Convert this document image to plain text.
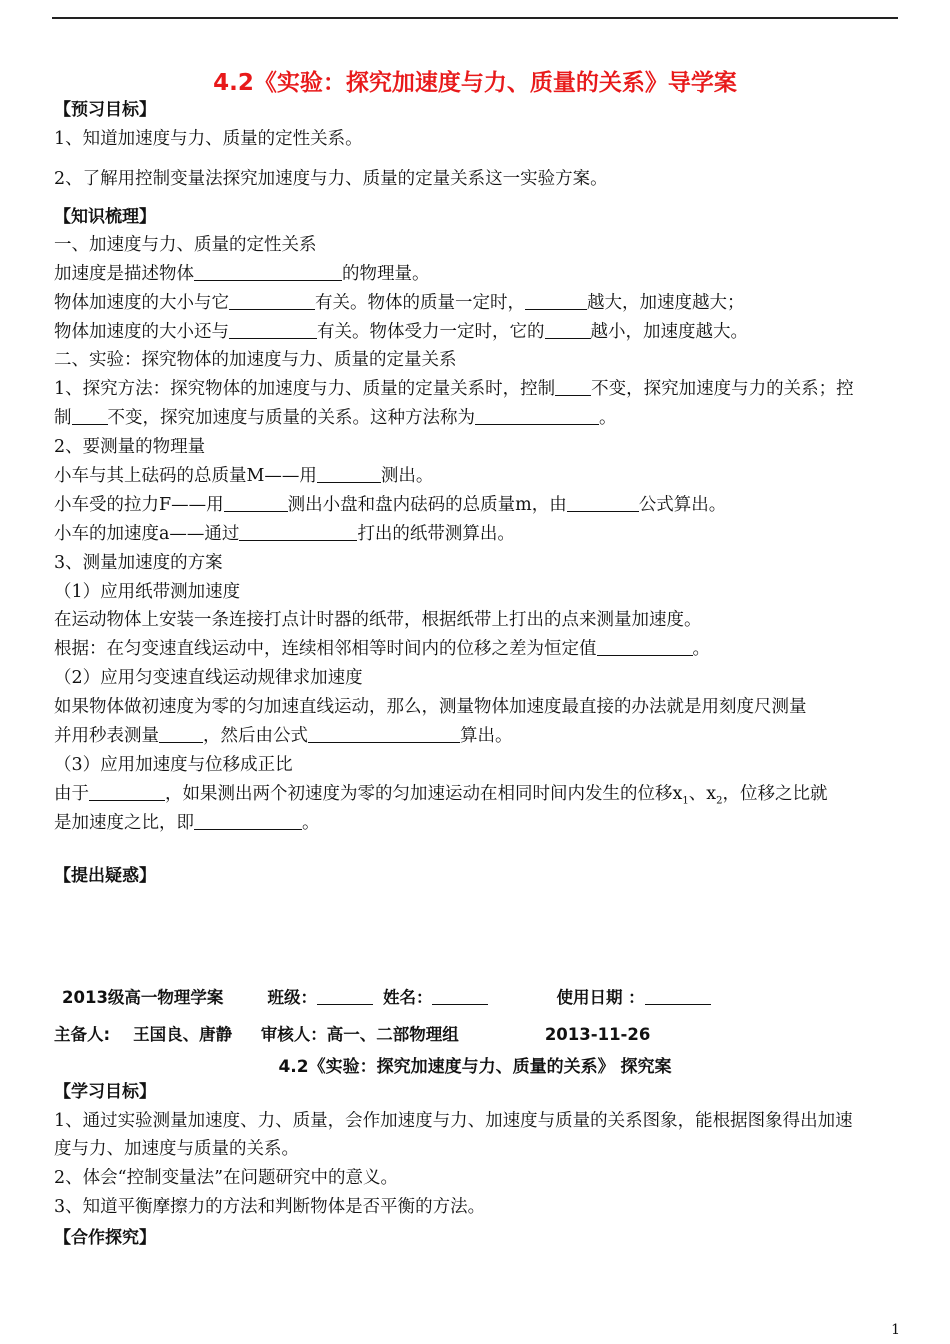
4.2《实验：探究加速度与力、质量的关系》导学案
【预习目标】
1、知道加速度与力、质量的定性关系。
2、了解用控制变量法探究加速度与力、质量的定量关系这一实验方案。
【知识梳理】
一、加速度与力、质量的定性关系
加速度是描述物体	的物理量。
物体加速度的大小与它	有关。物体的质量一定时，	越大，加速度越大；
物体加速度的大小还与	有关。物体受力一定时，它的	越小，加速度越大。
二、实验：探究物体的加速度与力、质量的定量关系
1、探究方法：探究物体的加速度与力、质量的定量关系时，控制 不变，探究加速度与力的关系；控
制 不变，探究加速度与质量的关系。这种方法称为	。
2、要测量的物理量
小车与其上砝码的总质量M——用	测出。
小车受的拉力F——用	测出小盘和盘内砝码的总质量m，由	公式算出。
小车的加速度a——通过	打出的纸带测算出。
3、测量加速度的方案
（1）应用纸带测加速度
在运动物体上安装一条连接打点计时器的纸带，根据纸带上打出的点来测量加速度。
根据：在匀变速直线运动中，连续相邻相等时间内的位移之差为恒定值	。
（2）应用匀变速直线运动规律求加速度
如果物体做初速度为零的匀加速直线运动，那么，测量物体加速度最直接的办法就是用刻度尺测量
并用秒表测量	，然后由公式	算出。
（3）应用加速度与位移成正比
由于	，如果测出两个初速度为零的匀加速运动在相同时间内发生的位移$x_1$、$x_2$，位移之比就
是加速度之比，即	。
【提出疑惑】
2013级高一物理学案	班级：	姓名：	使用日期 ：
主备人:    王国良、唐静     审核人：高一、二部物理组	2013-11-26
4.2《实验：探究加速度与力、质量的关系》 探究案
【学习目标】
1、通过实验测量加速度、力、质量，会作加速度与力、加速度与质量的关系图象，能根据图象得出加速
度与力、加速度与质量的关系。
2、体会“控制变量法”在问题研究中的意义。
3、知道平衡摩擦力的方法和判断物体是否平衡的方法。
【合作探究】
1
